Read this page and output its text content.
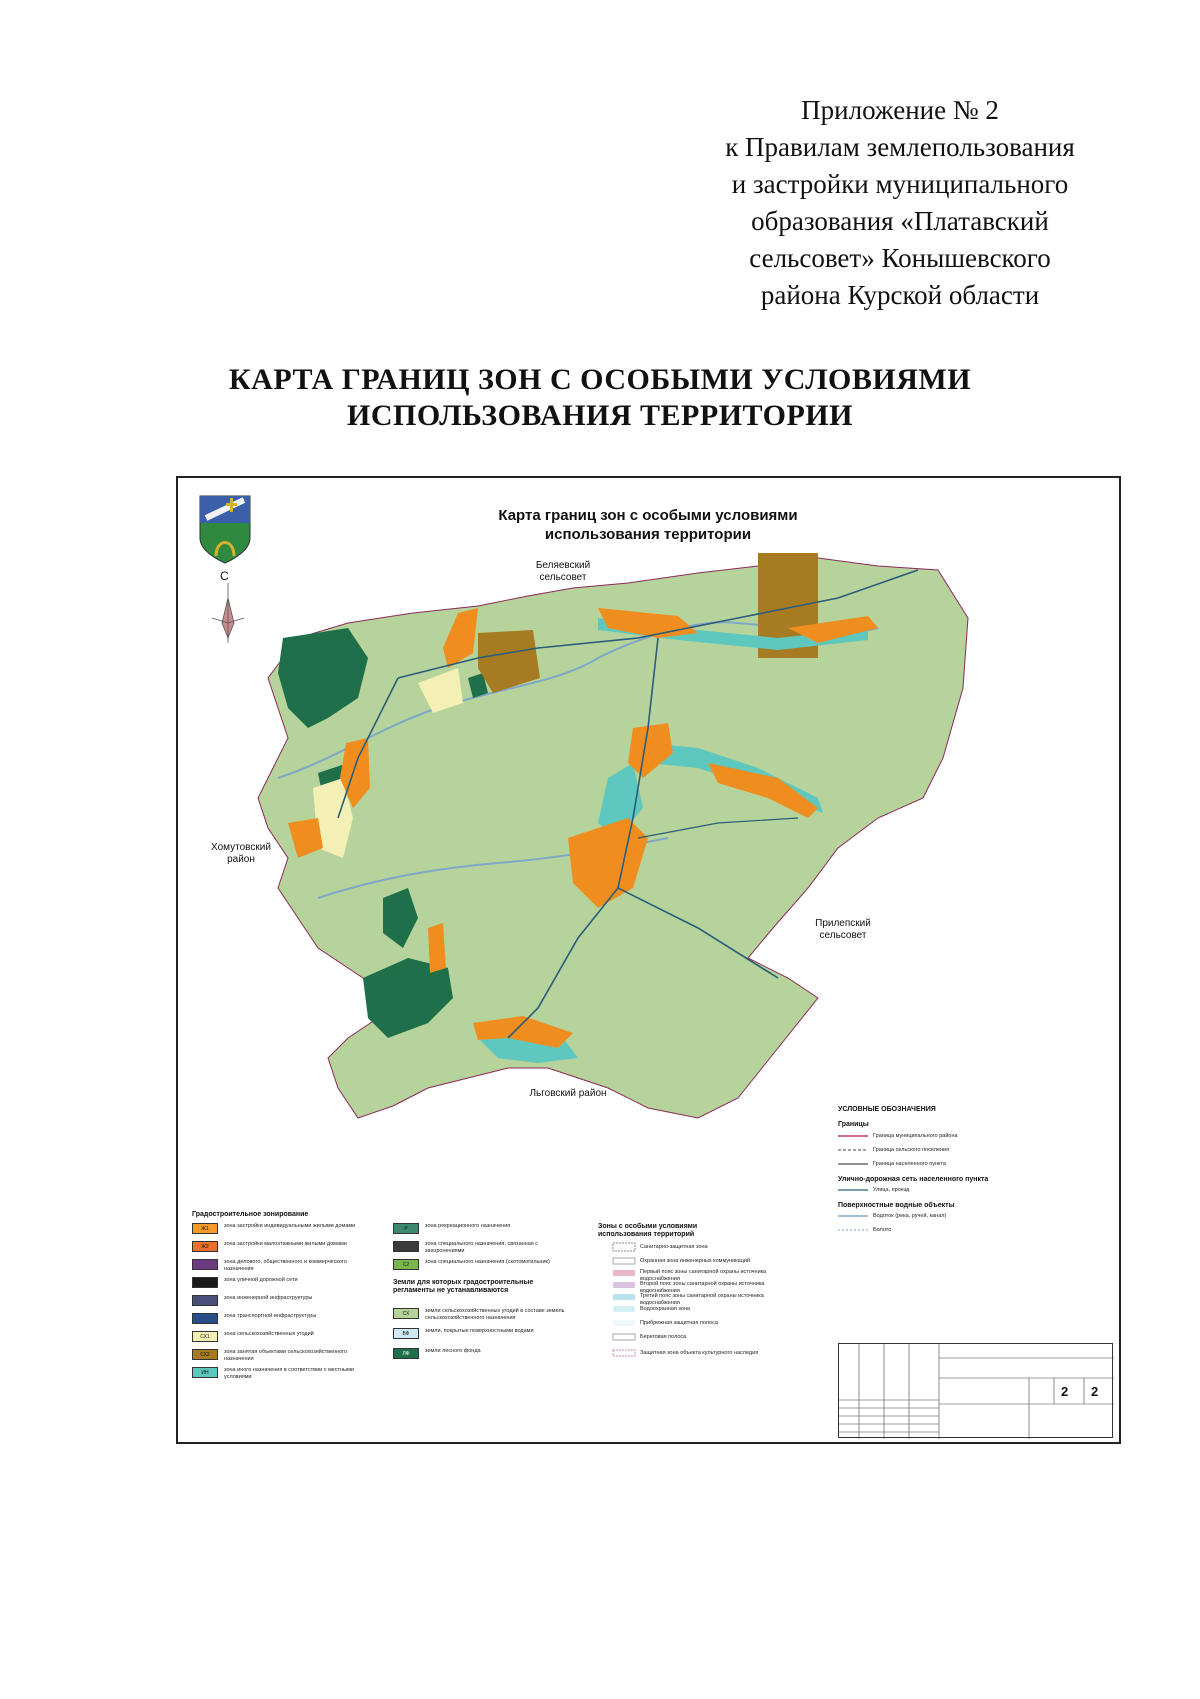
Приложение № 2
к Правилам землепользования
и застройки муниципального
образования «Платавский
сельсовет» Конышевского
района Курской области
КАРТА ГРАНИЦ ЗОН С ОСОБЫМИ УСЛОВИЯМИ
ИСПОЛЬЗОВАНИЯ ТЕРРИТОРИИ
Карта границ зон с особыми условиями
использования территории
С
Беляевский
сельсовет
Хомутовский
район
Прилепский
сельсовет
Льговский район
УСЛОВНЫЕ ОБОЗНАЧЕНИЯ
Границы
Граница муниципального района
Граница сельского поселения
Граница населенного пункта
Улично-дорожная сеть населенного пункта
Улица, проезд
Поверхностные водные объекты
Водоток (река, ручей, канал)
Болото
Градостроительное зонирование
Ж1	зона застройки индивидуальными жилыми домами
Ж2	зона застройки малоэтажными жилыми домами
зона делового, общественного и коммерческого назначения
зона уличной дорожной сети
зона инженерной инфраструктуры
зона транспортной инфраструктуры
СХ1	зона сельскохозяйственных угодий
СХ2	зона занятая объектами сельскохозяйственного назначения
ИН	зона иного назначения в соответствии с местными условиями
Р	зона рекреационного назначения
зона специального назначения, связанная с захоронениями
С2	зона специального назначения (скотомогильник)
Земли для которых градостроительные регламенты не устанавливаются
СХ	земли сельскохозяйственных угодий в составе земель сельскохозяйственного назначения
ВФ	земли, покрытые поверхностными водами
ЛФ	земли лесного фонда
Зоны с особыми условиями использования территорий
Санитарно-защитная зона
Охранная зона инженерных коммуникаций
Первый пояс зоны санитарной охраны источника водоснабжения
Второй пояс зоны санитарной охраны источника водоснабжения
Третий пояс зоны санитарной охраны источника водоснабжения
Водоохранная зона
Прибрежная защитная полоса
Береговая полоса
Защитная зона объекта культурного наследия
2 2
